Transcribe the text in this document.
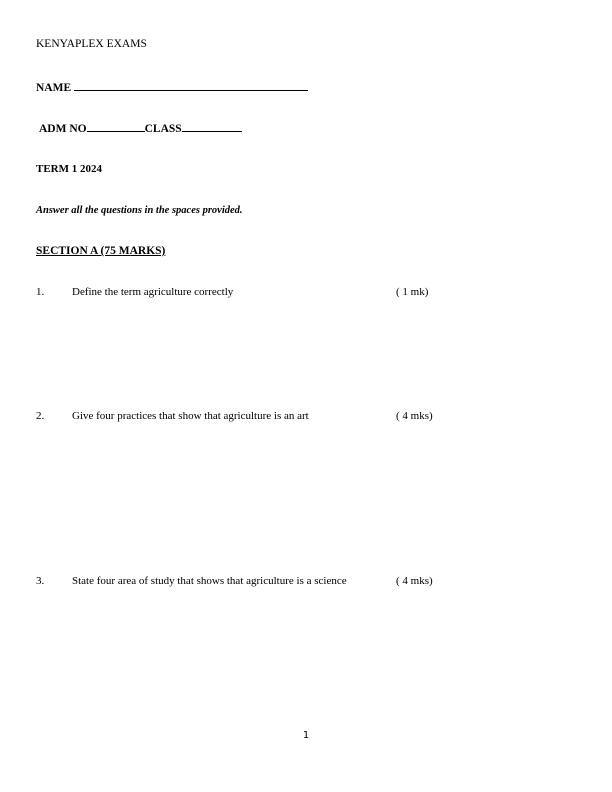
KENYAPLEX EXAMS
NAME
ADM NO	CLASS
TERM 1 2024
Answer all the questions in the spaces provided.
SECTION A (75 MARKS)
1.	Define the term agriculture correctly	( 1 mk)
2.	Give four practices that show that agriculture is an art	( 4 mks)
3.	State four area of study that shows that agriculture is a science	( 4 mks)
1
